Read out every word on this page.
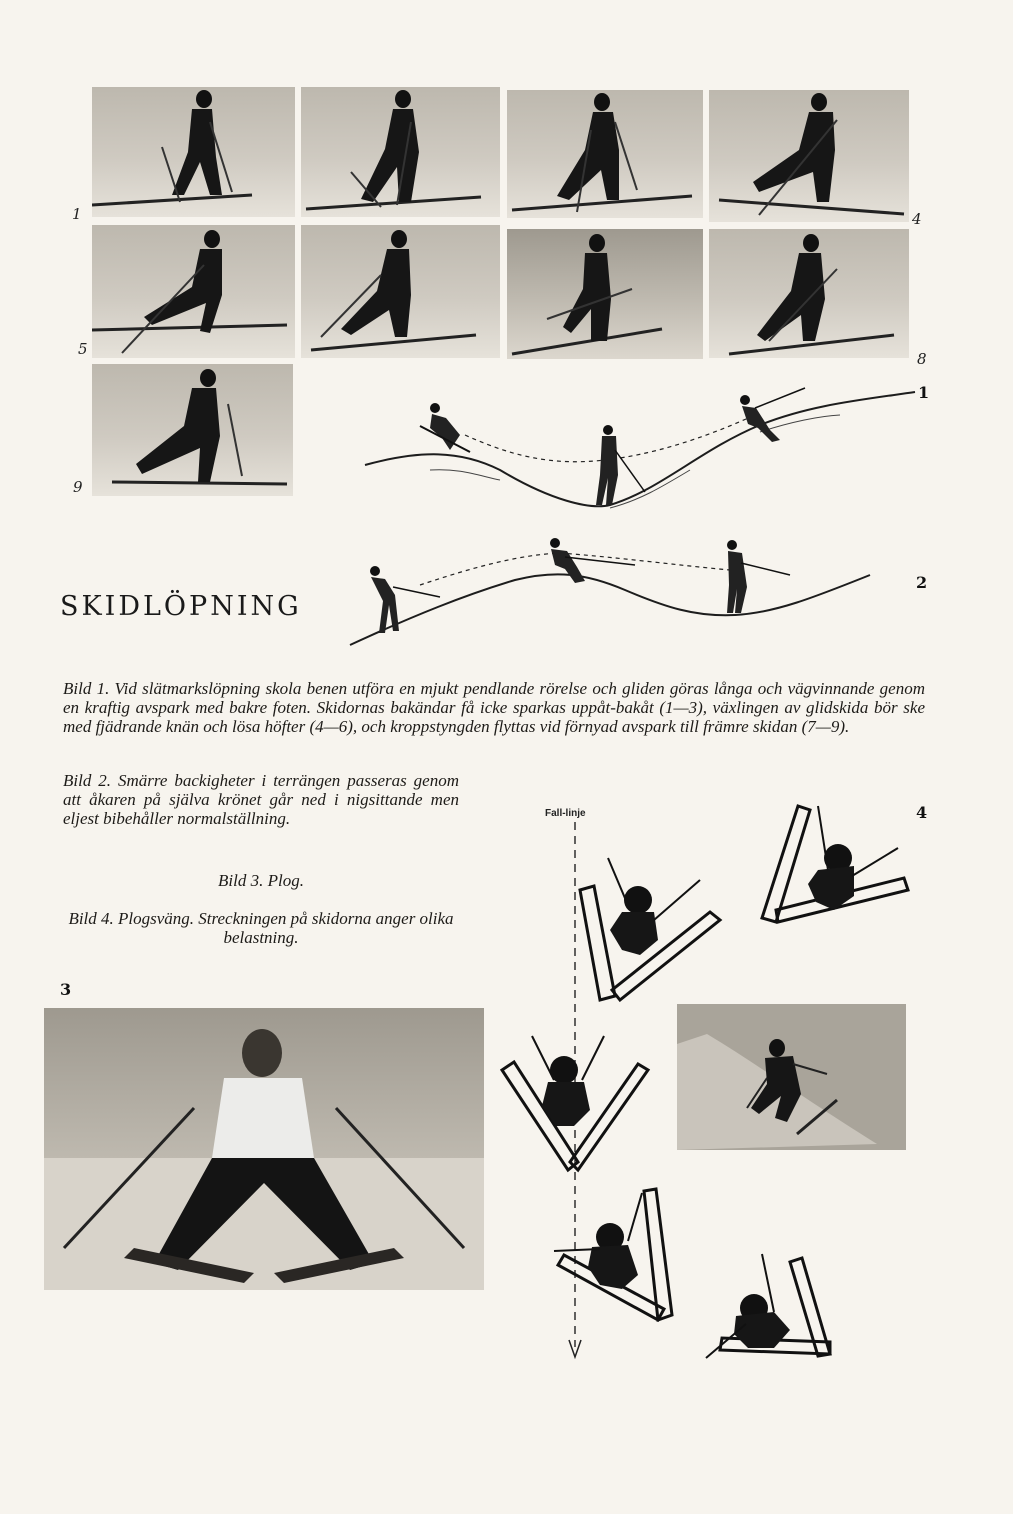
1	4
5
8
9
1
2
SKIDLÖPNING
Bild 1. Vid slätmarkslöpning skola benen utföra en mjukt pendlande rörelse och gliden göras långa och vägvinnande genom en kraftig avspark med bakre foten. Skidornas bakändar få icke sparkas uppåt-bakåt (1—3), växlingen av glidskida bör ske med fjädrande knän och lösa höfter (4—6), och kroppstyngden flyttas vid förnyad avspark till främre skidan (7—9).
Bild 2. Smärre backigheter i terrängen passeras genom att åkaren på själva krönet går ned i nigsittande men eljest bibehåller normalställning.
Bild 3. Plog.
Bild 4. Plogsväng. Streckningen på skidorna anger olika belastning.
3
4
Fall-linje
